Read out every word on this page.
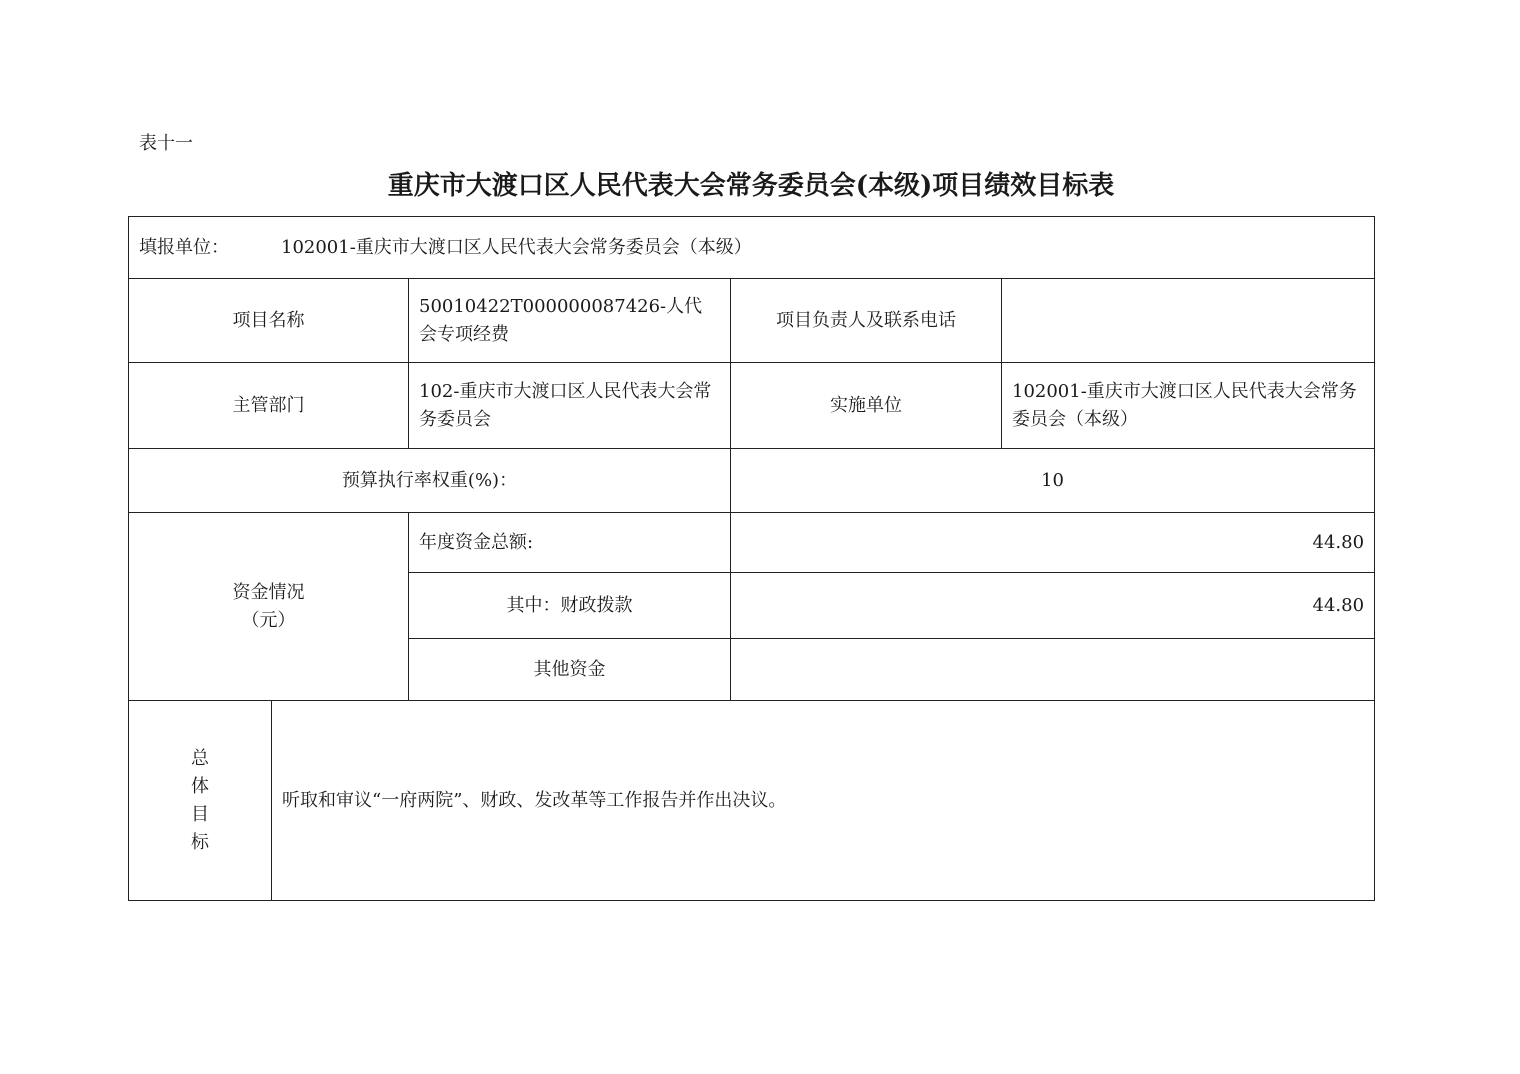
表十一
重庆市大渡口区人民代表大会常务委员会(本级)项目绩效目标表
填报单位： 102001-重庆市大渡口区人民代表大会常务委员会（本级）				
项目名称		50010422T000000087426-人代会专项经费	项目负责人及联系电话	
主管部门		102-重庆市大渡口区人民代表大会常务委员会	实施单位	102001-重庆市大渡口区人民代表大会常务委员会（本级）
预算执行率权重(%)：			10	

资金情况
（元）		年度资金总额:	44.80	
		其中：财政拨款	44.80	
		其他资金		

总
体
目
标	听取和审议“一府两院”、财政、发改革等工作报告并作出决议。			
